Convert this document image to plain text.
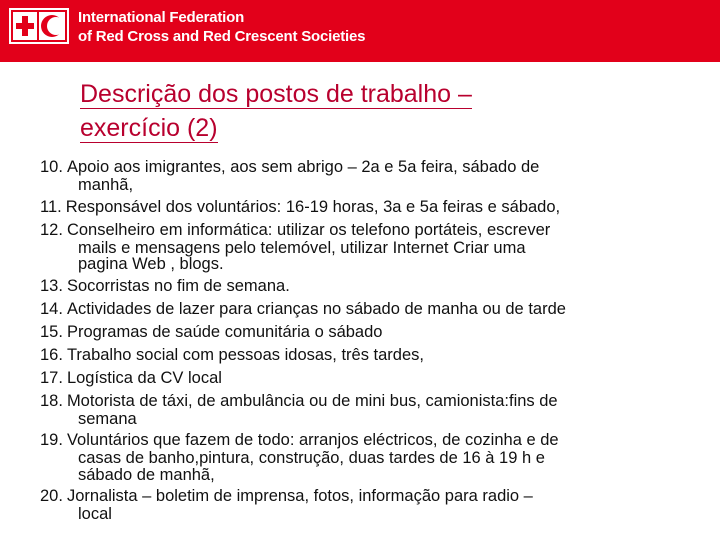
International Federation
of Red Cross and Red Crescent Societies
Descrição dos postos de trabalho –
exercício (2)
10. Apoio aos imigrantes, aos sem abrigo – 2a e 5a feira, sábado de
manhã,
11. Responsável dos voluntários: 16-19 horas, 3a e 5a feiras e sábado,
12. Conselheiro em informática: utilizar os telefono portáteis, escrever
mails e mensagens pelo telemóvel, utilizar Internet Criar uma
pagina Web , blogs.
13. Socorristas no fim de semana.
14. Actividades de lazer para crianças no sábado de manha ou de tarde
15. Programas de saúde comunitária o sábado
16. Trabalho social com pessoas idosas, três tardes,
17. Logística da CV local
18. Motorista de táxi, de ambulância ou de mini bus, camionista:fins de
semana
19. Voluntários que fazem de todo: arranjos eléctricos, de cozinha e de
casas de banho,pintura, construção, duas tardes de 16 à 19 h e
sábado de manhã,
20. Jornalista – boletim de imprensa, fotos, informação para radio –
local
